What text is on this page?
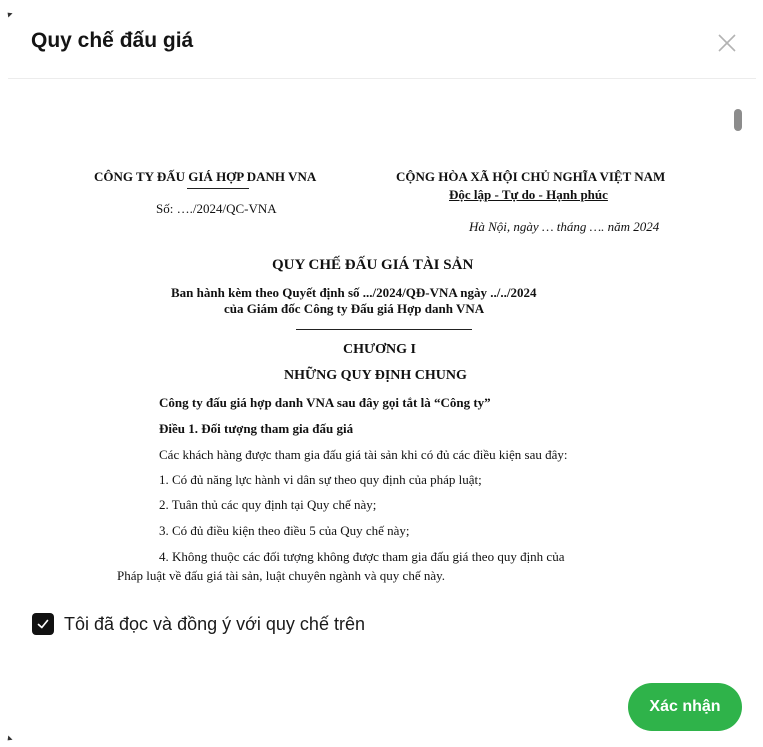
Quy chế đấu giá
CÔNG TY ĐẤU GIÁ HỢP DANH VNA
Số: …./2024/QC-VNA
CỘNG HÒA XÃ HỘI CHỦ NGHĨA VIỆT NAM
Độc lập - Tự do - Hạnh phúc
Hà Nội, ngày … tháng …. năm 2024
QUY CHẾ ĐẤU GIÁ TÀI SẢN
Ban hành kèm theo Quyết định số .../2024/QĐ-VNA ngày ../../2024
của Giám đốc Công ty Đấu giá Hợp danh VNA
CHƯƠNG I
NHỮNG QUY ĐỊNH CHUNG
Công ty đấu giá hợp danh VNA sau đây gọi tắt là “Công ty”
Điều 1. Đối tượng tham gia đấu giá
Các khách hàng được tham gia đấu giá tài sản khi có đủ các điều kiện sau đây:
1. Có đủ năng lực hành vi dân sự theo quy định của pháp luật;
2. Tuân thủ các quy định tại Quy chế này;
3. Có đủ điều kiện theo điều 5 của Quy chế này;
4. Không thuộc các đối tượng không được tham gia đấu giá theo quy định của
Pháp luật về đấu giá tài sản, luật chuyên ngành và quy chế này.
Tôi đã đọc và đồng ý với quy chế trên
Xác nhận
